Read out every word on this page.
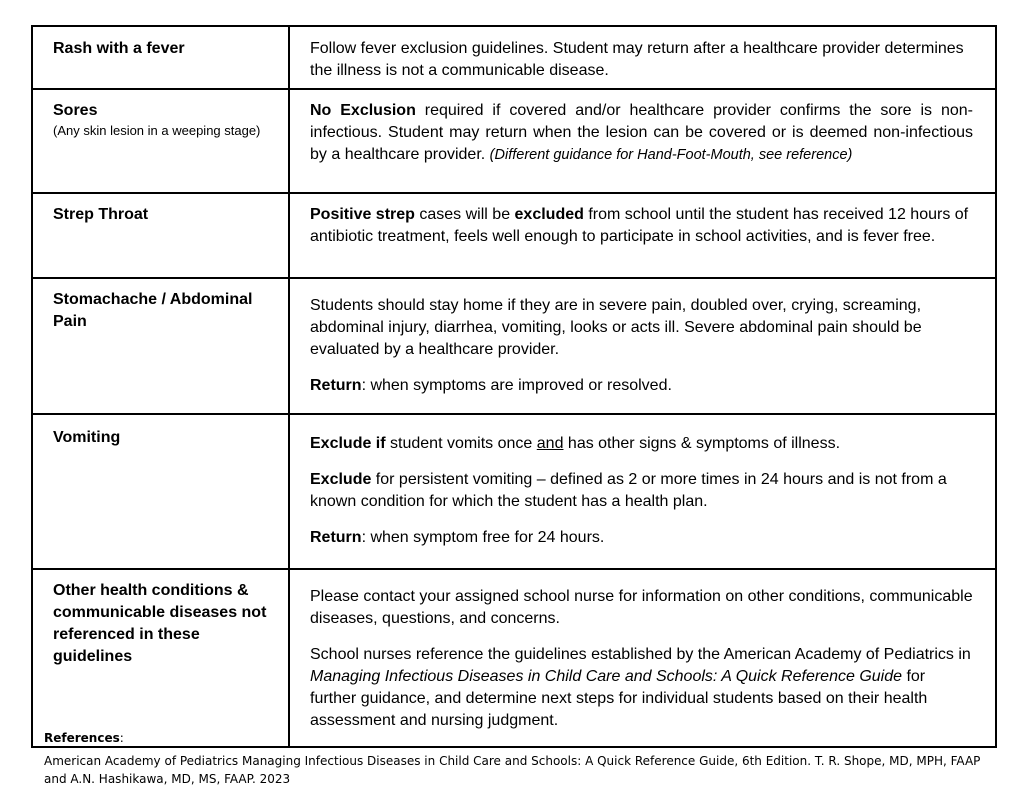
Rash with a fever	Follow fever exclusion guidelines. Student may return after a healthcare provider determines the illness is not a communicable disease.

Sores
(Any skin lesion in a weeping stage)	No Exclusion required if covered and/or healthcare provider confirms the sore is non-infectious. Student may return when the lesion can be covered or is deemed non-infectious by a healthcare provider. (Different guidance for Hand-Foot-Mouth, see reference)

Strep Throat	Positive strep cases will be excluded from school until the student has received 12 hours of antibiotic treatment, feels well enough to participate in school activities, and is fever free.

Stomachache / Abdominal Pain	Students should stay home if they are in severe pain, doubled over, crying, screaming, abdominal injury, diarrhea, vomiting, looks or acts ill. Severe abdominal pain should be evaluated by a healthcare provider.

Return: when symptoms are improved or resolved.

Vomiting	Exclude if student vomits once and has other signs & symptoms of illness.

Exclude for persistent vomiting – defined as 2 or more times in 24 hours and is not from a known condition for which the student has a health plan.

Return: when symptom free for 24 hours.

Other health conditions & communicable diseases not referenced in these guidelines	Please contact your assigned school nurse for information on other conditions, communicable diseases, questions, and concerns.

School nurses reference the guidelines established by the American Academy of Pediatrics in Managing Infectious Diseases in Child Care and Schools: A Quick Reference Guide for further guidance, and determine next steps for individual students based on their health assessment and nursing judgment.

References:
American Academy of Pediatrics Managing Infectious Diseases in Child Care and Schools: A Quick Reference Guide, 6th Edition. T. R. Shope, MD, MPH, FAAP and A.N. Hashikawa, MD, MS, FAAP. 2023
